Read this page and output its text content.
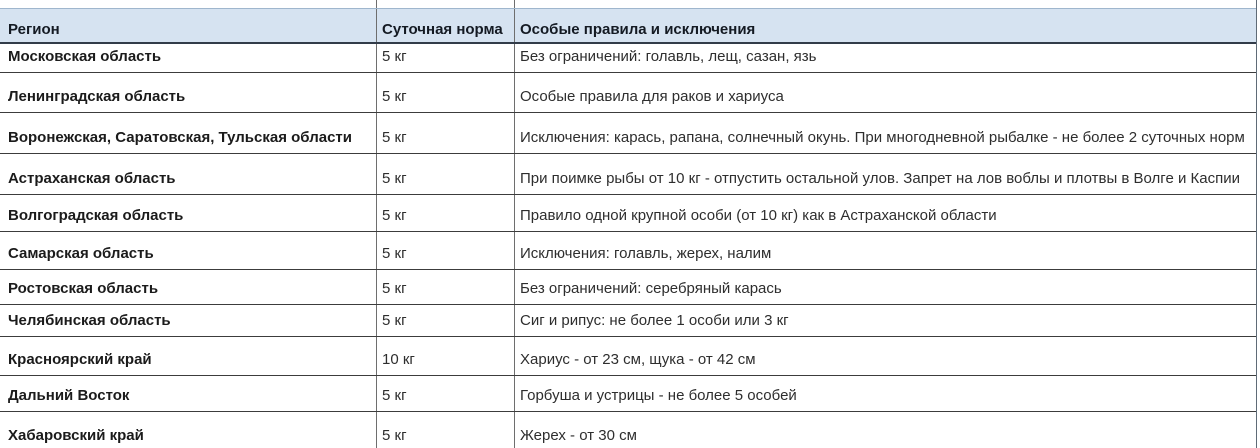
Регион	Суточная норма	Особые правила и исключения
Московская область	5 кг	Без ограничений: голавль, лещ, сазан, язь
Ленинградская область	5 кг	Особые правила для раков и хариуса
Воронежская, Саратовская, Тульская области	5 кг	Исключения: карась, рапана, солнечный окунь. При многодневной рыбалке - не более 2 суточных норм
Астраханская область	5 кг	При поимке рыбы от 10 кг - отпустить остальной улов. Запрет на лов воблы и плотвы в Волге и Каспии
Волгоградская область	5 кг	Правило одной крупной особи (от 10 кг) как в Астраханской области
Самарская область	5 кг	Исключения: голавль, жерех, налим
Ростовская область	5 кг	Без ограничений: серебряный карась
Челябинская область	5 кг	Сиг и рипус: не более 1 особи или 3 кг
Красноярский край	10 кг	Хариус - от 23 см, щука - от 42 см
Дальний Восток	5 кг	Горбуша и устрицы - не более 5 особей
Хабаровский край	5 кг	Жерех - от 30 см
